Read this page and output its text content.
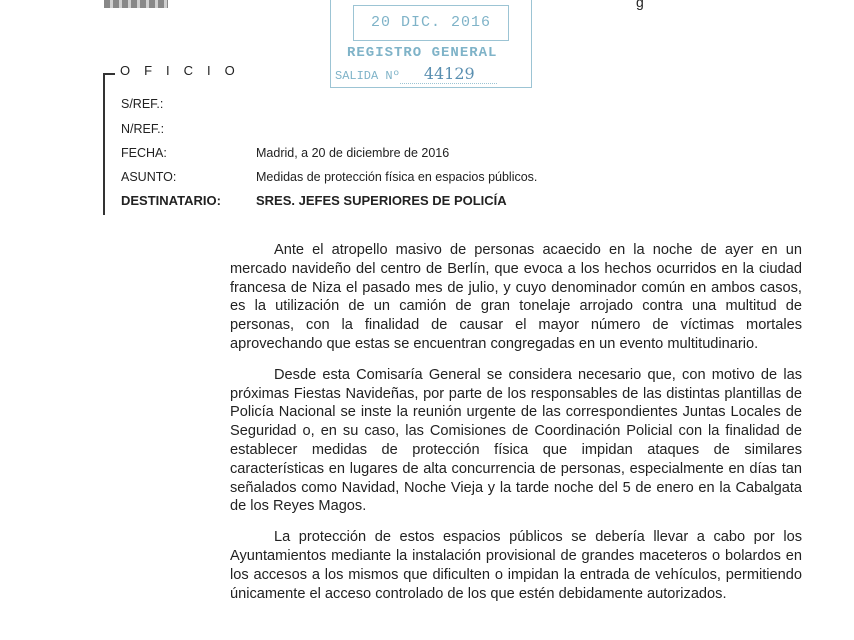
g
20 DIC. 2016
REGISTRO GENERAL
SALIDA Nº 44129
OFICIO
S/REF.:
N/REF.:
FECHA:	Madrid, a 20 de diciembre de 2016
ASUNTO:	Medidas de protección física en espacios públicos.
DESTINATARIO:	SRES. JEFES SUPERIORES DE POLICÍA

Ante el atropello masivo de personas acaecido en la noche de ayer en un mercado navideño del centro de Berlín, que evoca a los hechos ocurridos en la ciudad francesa de Niza el pasado mes de julio, y cuyo denominador común en ambos casos, es la utilización de un camión de gran tonelaje arrojado contra una multitud de personas, con la finalidad de causar el mayor número de víctimas mortales aprovechando que estas se encuentran congregadas en un evento multitudinario.

Desde esta Comisaría General se considera necesario que, con motivo de las próximas Fiestas Navideñas, por parte de los responsables de las distintas plantillas de Policía Nacional se inste la reunión urgente de las correspondientes Juntas Locales de Seguridad o, en su caso, las Comisiones de Coordinación Policial con la finalidad de establecer medidas de protección física que impidan ataques de similares características en lugares de alta concurrencia de personas, especialmente en días tan señalados como Navidad, Noche Vieja y la tarde noche del 5 de enero en la Cabalgata de los Reyes Magos.

La protección de estos espacios públicos se debería llevar a cabo por los Ayuntamientos mediante la instalación provisional de grandes maceteros o bolardos en los accesos a los mismos que dificulten o impidan la entrada de vehículos, permitiendo únicamente el acceso controlado de los que estén debidamente autorizados.
